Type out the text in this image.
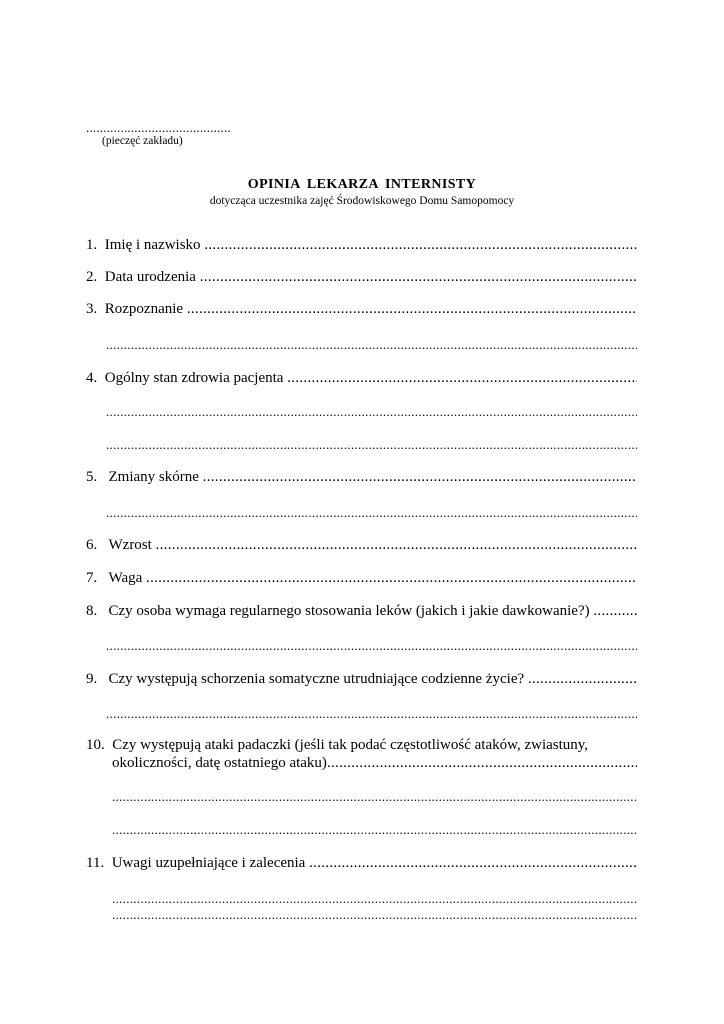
..........................................
(pieczęć zakładu)
OPINIA LEKARZA INTERNISTY
dotycząca uczestnika zajęć Środowiskowego Domu Samopomocy
1. Imię i nazwisko
.....
2. Data urodzenia
.....
3. Rozpoznanie
.....
.....
4. Ogólny stan zdrowia pacjenta
.....
.....
.....
5. Zmiany skórne
.....
.....
6. Wzrost
.....
7. Waga
.....
8. Czy osoba wymaga regularnego stosowania leków (jakich i jakie dawkowanie?)
.....
.....
9. Czy występują schorzenia somatyczne utrudniające codzienne życie?
.....
.....
10. Czy występują ataki padaczki (jeśli tak podać częstotliwość ataków, zwiastuny,
okoliczności, datę ostatniego ataku)
.....
.....
.....
11. Uwagi uzupełniające i zalecenia
.....
.....
.....
